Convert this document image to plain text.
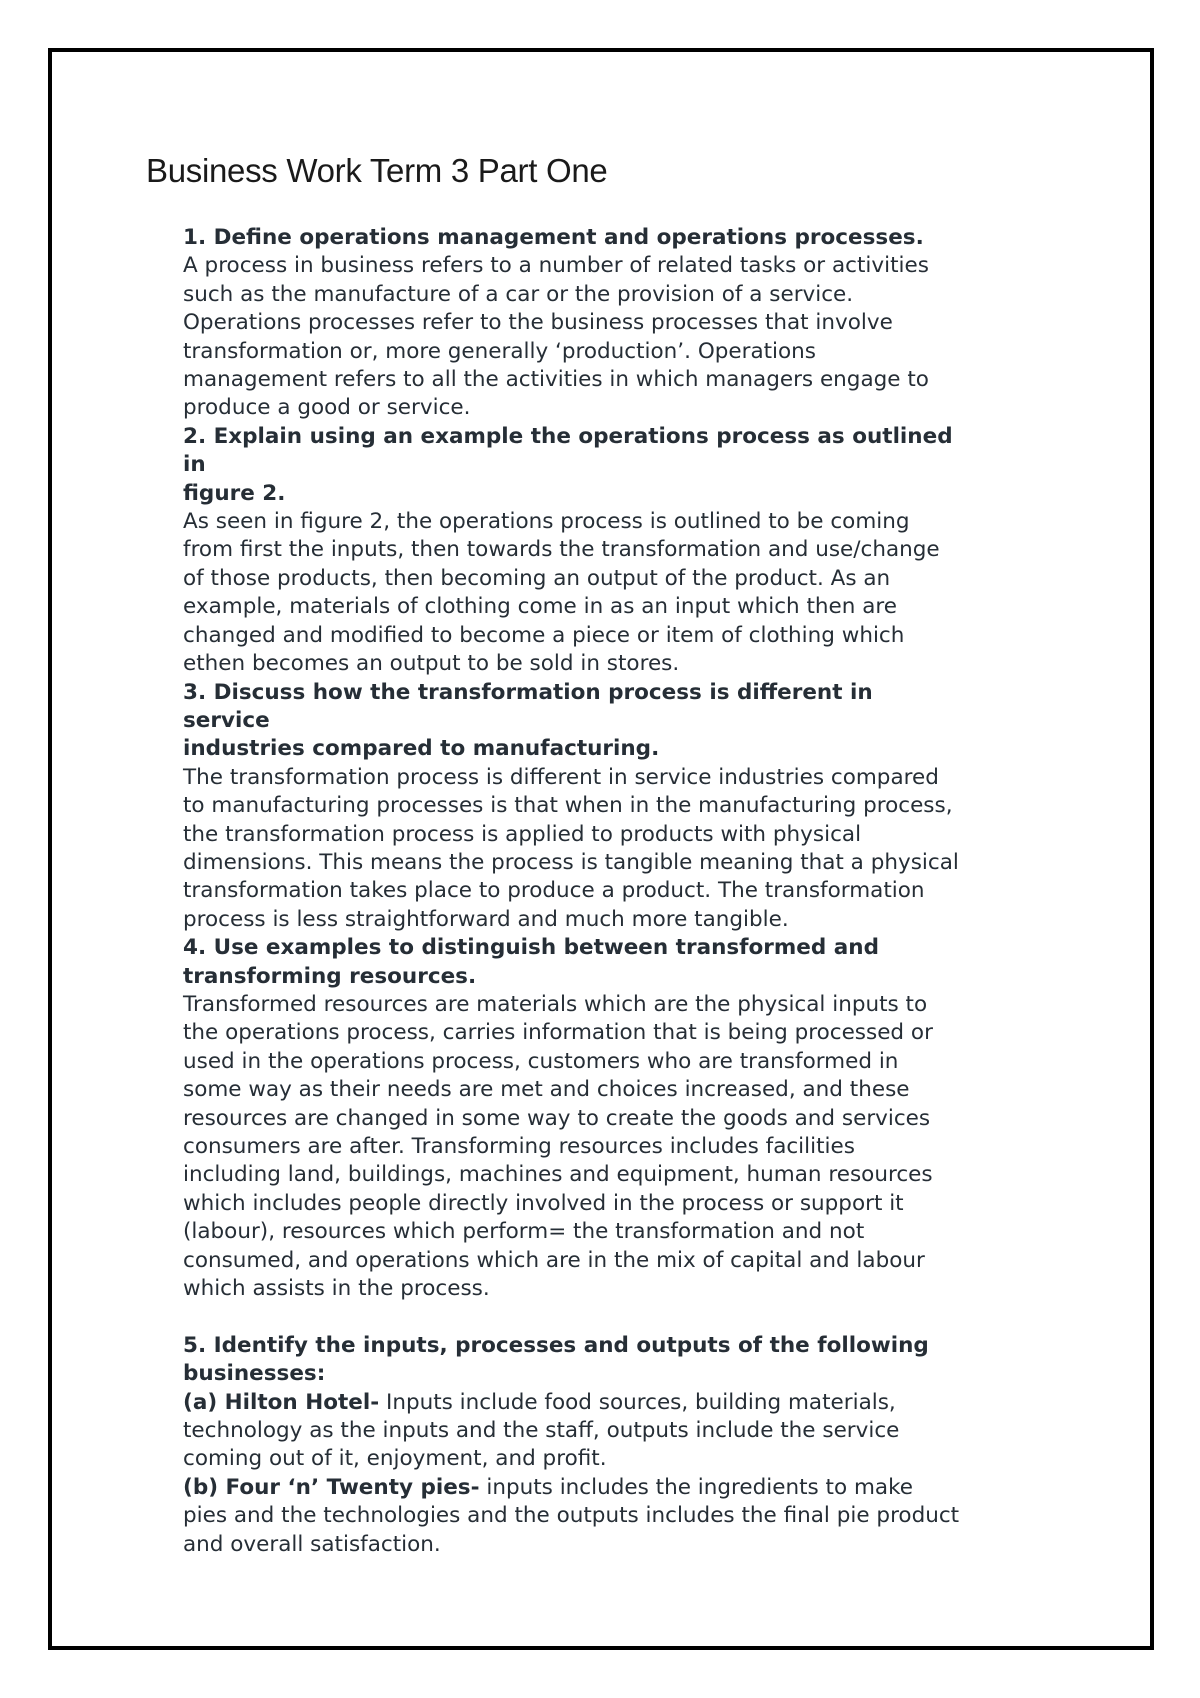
Business Work Term 3 Part One
1. Define operations management and operations processes.
A process in business refers to a number of related tasks or activities
such as the manufacture of a car or the provision of a service.
Operations processes refer to the business processes that involve
transformation or, more generally ‘production’. Operations
management refers to all the activities in which managers engage to
produce a good or service.
2. Explain using an example the operations process as outlined
in
figure 2.
As seen in figure 2, the operations process is outlined to be coming
from first the inputs, then towards the transformation and use/change
of those products, then becoming an output of the product. As an
example, materials of clothing come in as an input which then are
changed and modified to become a piece or item of clothing which
ethen becomes an output to be sold in stores.
3. Discuss how the transformation process is different in
service
industries compared to manufacturing.
The transformation process is different in service industries compared
to manufacturing processes is that when in the manufacturing process,
the transformation process is applied to products with physical
dimensions. This means the process is tangible meaning that a physical
transformation takes place to produce a product. The transformation
process is less straightforward and much more tangible.
4. Use examples to distinguish between transformed and
transforming resources.
Transformed resources are materials which are the physical inputs to
the operations process, carries information that is being processed or
used in the operations process, customers who are transformed in
some way as their needs are met and choices increased, and these
resources are changed in some way to create the goods and services
consumers are after. Transforming resources includes facilities
including land, buildings, machines and equipment, human resources
which includes people directly involved in the process or support it
(labour), resources which perform= the transformation and not
consumed, and operations which are in the mix of capital and labour
which assists in the process.
5. Identify the inputs, processes and outputs of the following
businesses:
(a) Hilton Hotel- Inputs include food sources, building materials,
technology as the inputs and the staff, outputs include the service
coming out of it, enjoyment, and profit.
(b) Four ‘n’ Twenty pies- inputs includes the ingredients to make
pies and the technologies and the outputs includes the final pie product
and overall satisfaction.
